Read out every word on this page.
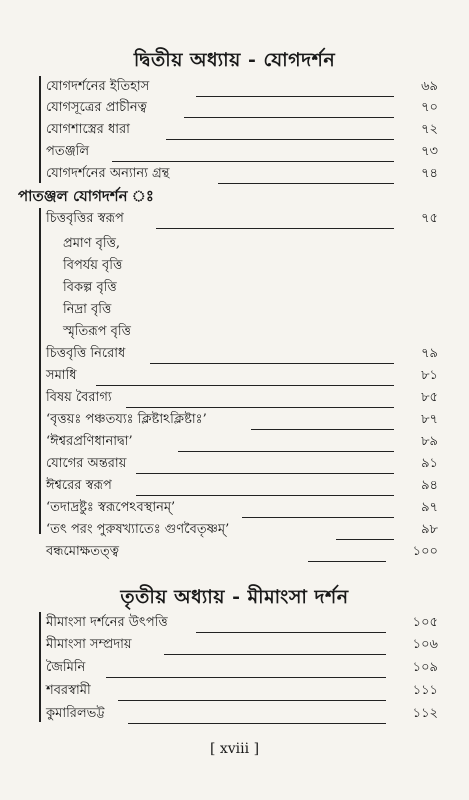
দ্বিতীয় অধ্যায় - যোগদর্শন
যোগদর্শনের ইতিহাস	৬৯
যোগসূত্রের প্রাচীনত্ব	৭০
যোগশাস্ত্রের ধারা	৭২
পতঞ্জলি	৭৩
যোগদর্শনের অন্যান্য গ্রন্থ	৭৪
পাতঞ্জল যোগদর্শন ঃ
চিত্তবৃত্তির স্বরূপ	৭৫
প্রমাণ বৃত্তি,
বিপর্যয় বৃত্তি
বিকল্প বৃত্তি
নিদ্রা বৃত্তি
স্মৃতিরূপ বৃত্তি
চিত্তবৃত্তি নিরোধ	৭৯
সমাধি	৮১
বিষয় বৈরাগ্য	৮৫
‘বৃত্তয়ঃ পঞ্চতয্যঃ ক্লিষ্টাঽক্লিষ্টাঃ’	৮৭
‘ঈশ্বরপ্রণিধানাদ্বা’	৮৯
যোগের অন্তরায়	৯১
ঈশ্বরের স্বরূপ	৯৪
‘তদাদ্রষ্টুঃ স্বরূপেঽবস্থানম্’	৯৭
‘তৎ পরং পুরুষখ্যাতেঃ গুণবৈতৃষ্ণম্’	৯৮
বন্ধমোক্ষতত্ত্ব	১০০
তৃতীয় অধ্যায় - মীমাংসা দর্শন
মীমাংসা দর্শনের উৎপত্তি	১০৫
মীমাংসা সম্প্রদায়	১০৬
জৈমিনি	১০৯
শবরস্বামী	১১১
কুমারিলভট্ট	১১২
[ xviii ]
